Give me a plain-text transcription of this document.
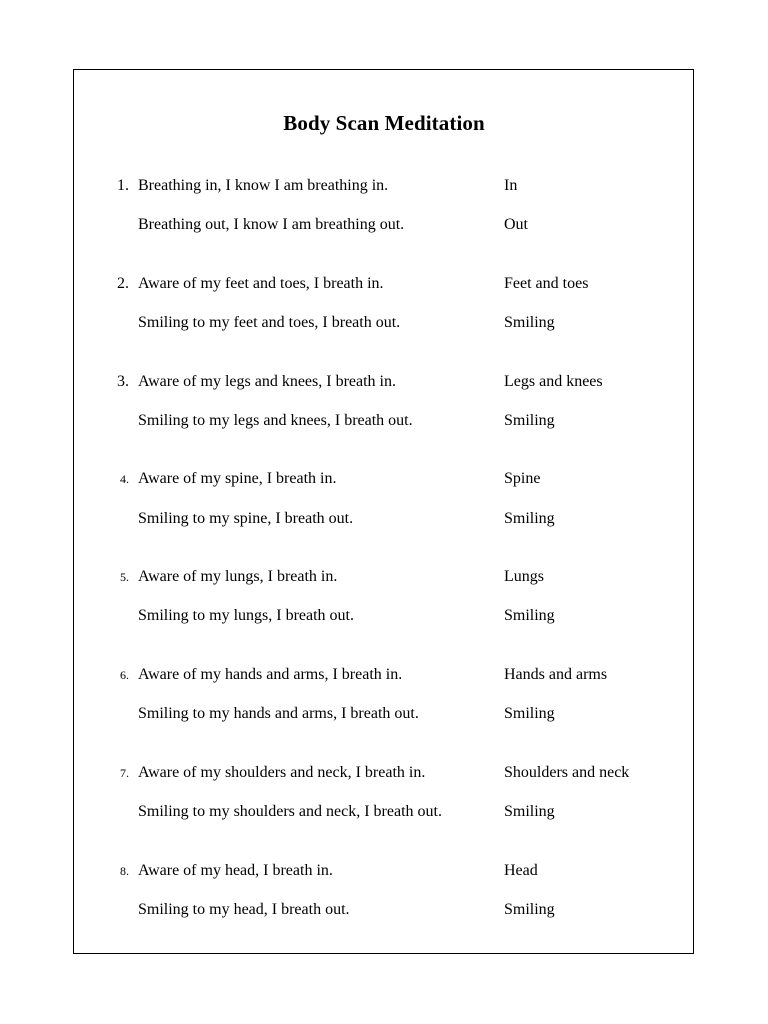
Body Scan Meditation
1. Breathing in, I know I am breathing in.	In
Breathing out, I know I am breathing out.	Out
2. Aware of my feet and toes, I breath in.	Feet and toes
Smiling to my feet and toes, I breath out.	Smiling
3. Aware of my legs and knees, I breath in.	Legs and knees
Smiling to my legs and knees, I breath out.	Smiling
4. Aware of my spine, I breath in.	Spine
Smiling to my spine, I breath out.	Smiling
5. Aware of my lungs, I breath in.	Lungs
Smiling to my lungs, I breath out.	Smiling
6. Aware of my hands and arms, I breath in.	Hands and arms
Smiling to my hands and arms, I breath out.	Smiling
7. Aware of my shoulders and neck, I breath in.	Shoulders and neck
Smiling to my shoulders and neck, I breath out.	Smiling
8. Aware of my head, I breath in.	Head
Smiling to my head, I breath out.	Smiling
